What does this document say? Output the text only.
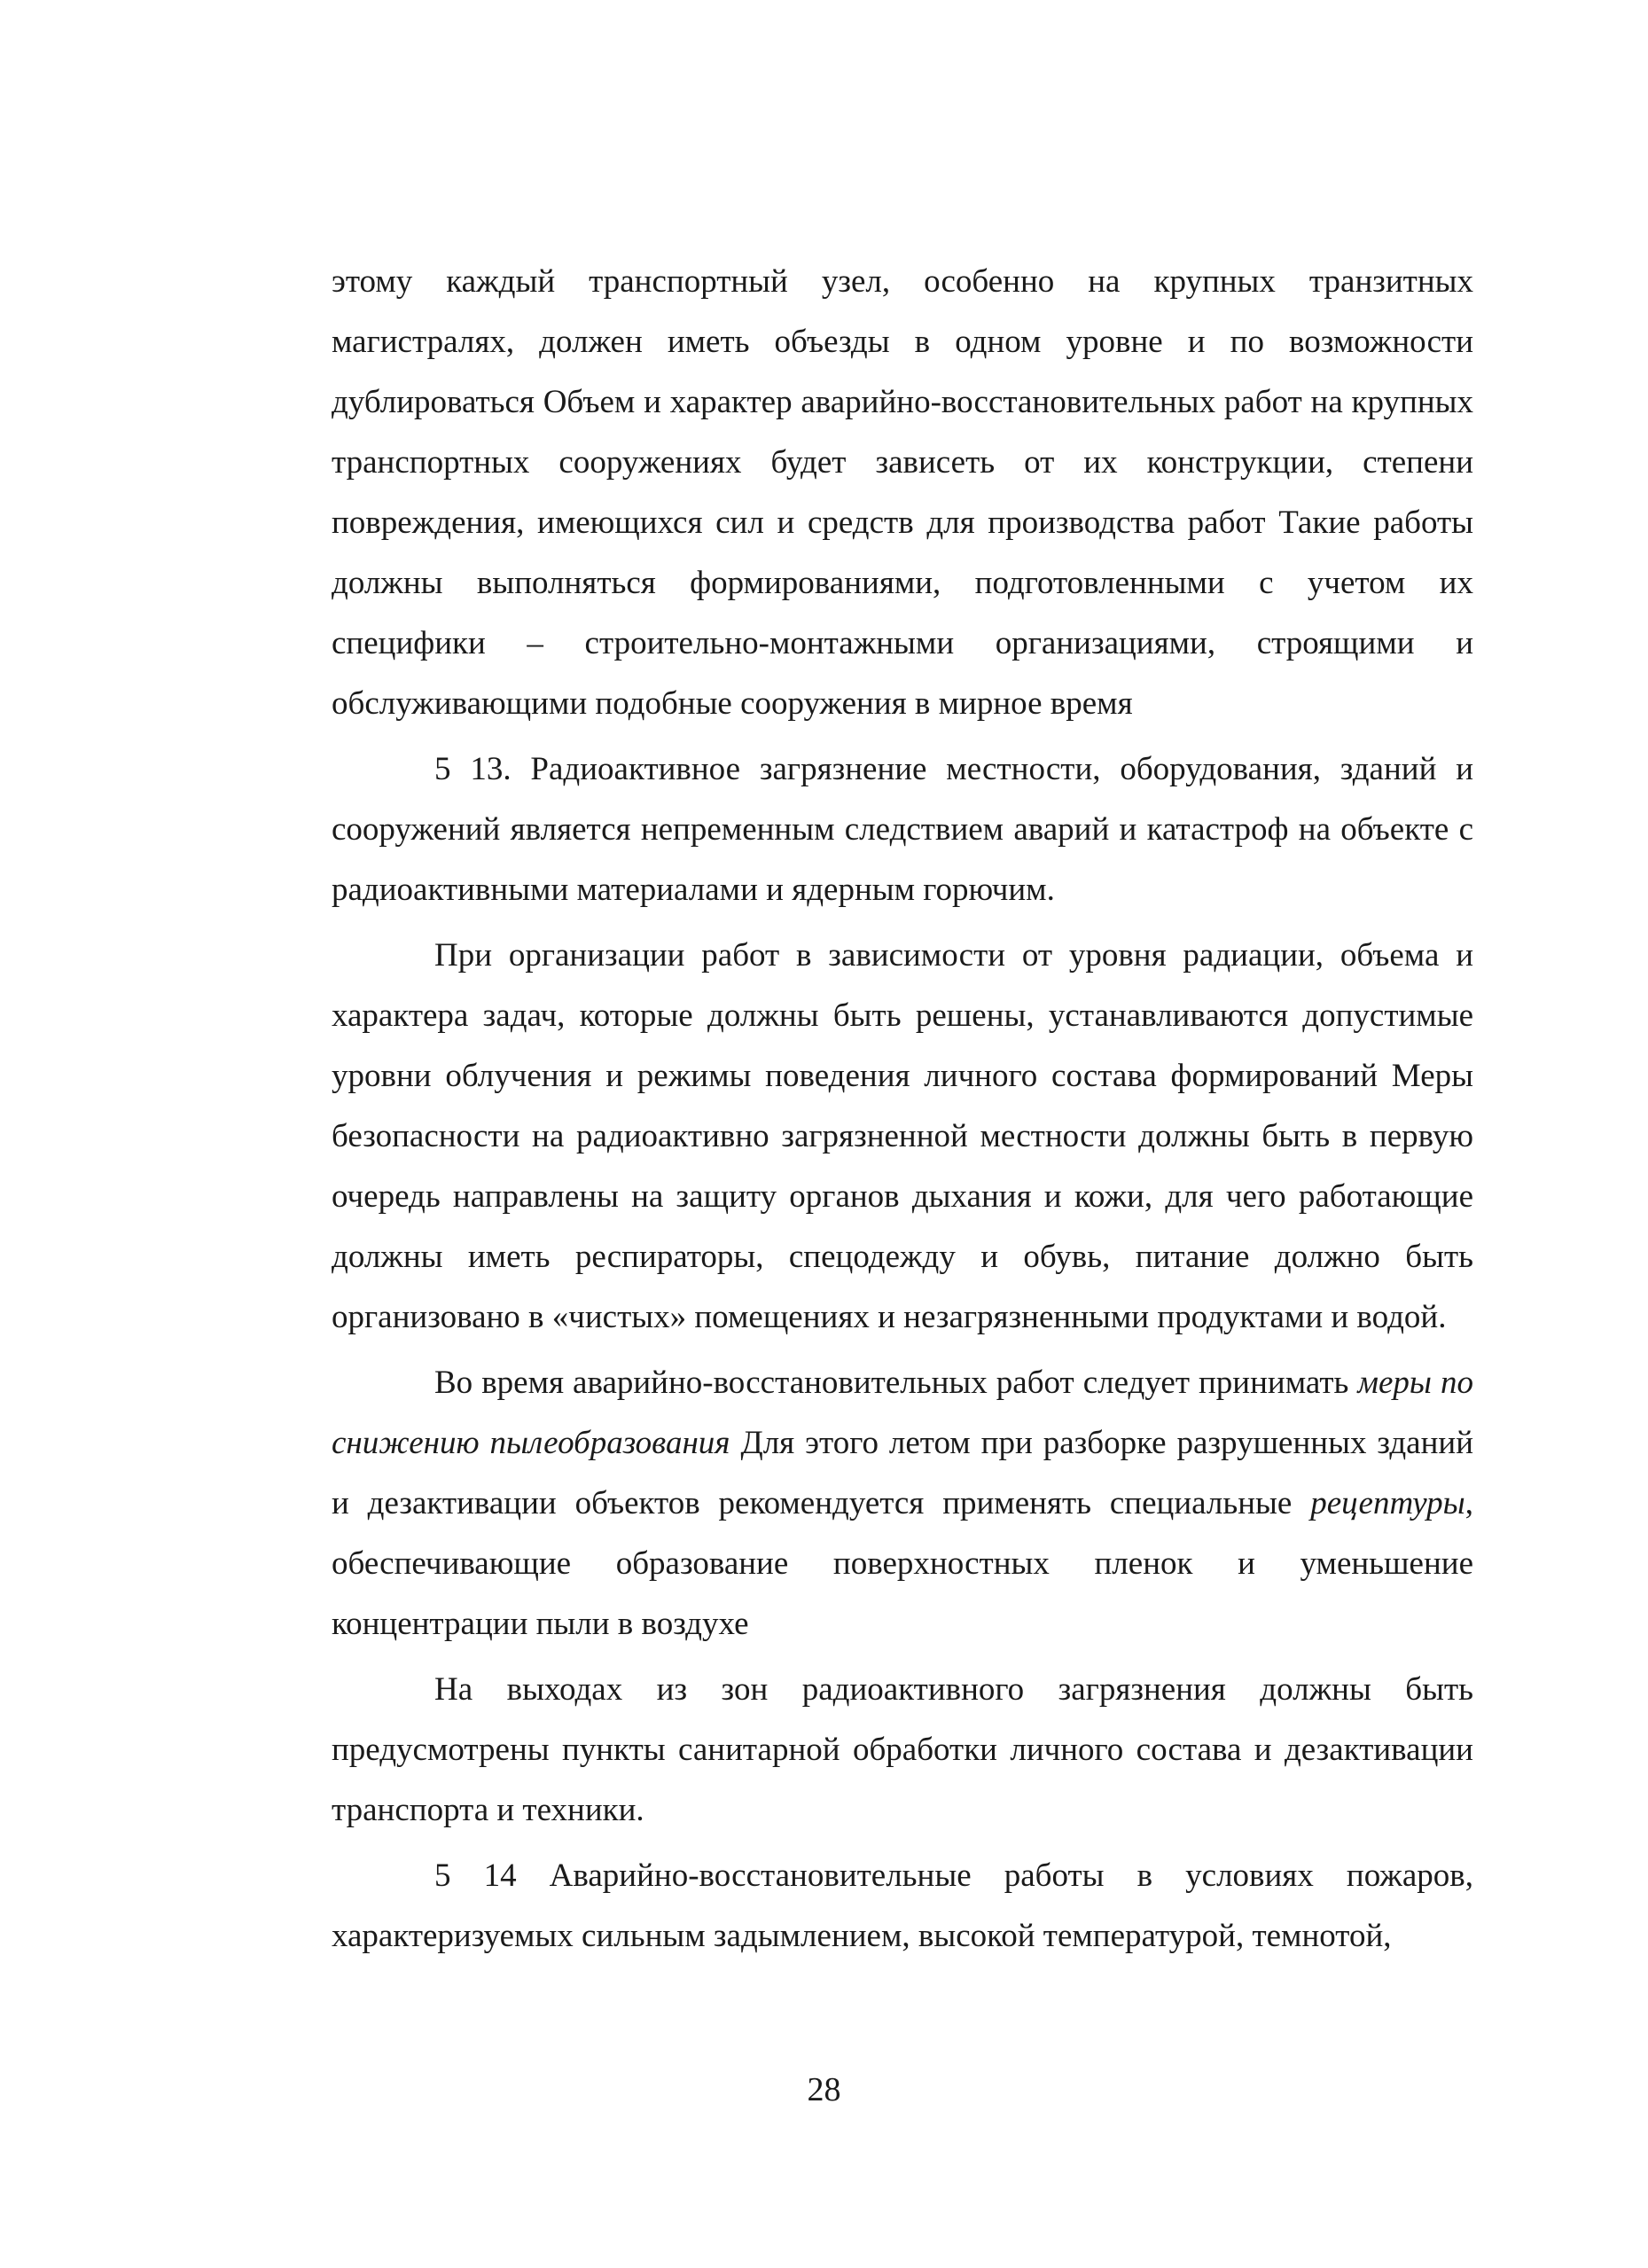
этому каждый транспортный узел, особенно на крупных транзитных магистралях, должен иметь объезды в одном уровне и по возможности дублироваться Объем и характер аварийно-восстановительных работ на крупных транспортных сооружениях будет зависеть от их конструкции, степени повреждения, имеющихся сил и средств для производства работ Такие работы должны выполняться формированиями, подготовленными с учетом их специфики – строительно-монтажными организациями, строящими и обслуживающими подобные сооружения в мирное время

5 13. Радиоактивное загрязнение местности, оборудования, зданий и сооружений является непременным следствием аварий и катастроф на объекте с радиоактивными материалами и ядерным горючим.

При организации работ в зависимости от уровня радиации, объема и характера задач, которые должны быть решены, устанавливаются допустимые уровни облучения и режимы поведения личного состава формирований Меры безопасности на радиоактивно загрязненной местности должны быть в первую очередь направлены на защиту органов дыхания и кожи, для чего работающие должны иметь респираторы, спецодежду и обувь, питание должно быть организовано в «чистых» помещениях и незагрязненными продуктами и водой.

Во время аварийно-восстановительных работ следует принимать меры по снижению пылеобразования Для этого летом при разборке разрушенных зданий и дезактивации объектов рекомендуется применять специальные рецептуры, обеспечивающие образование поверхностных пленок и уменьшение концентрации пыли в воздухе

На выходах из зон радиоактивного загрязнения должны быть предусмотрены пункты санитарной обработки личного состава и дезактивации транспорта и техники.

5 14 Аварийно-восстановительные работы в условиях пожаров, характеризуемых сильным задымлением, высокой температурой, темнотой,

28
